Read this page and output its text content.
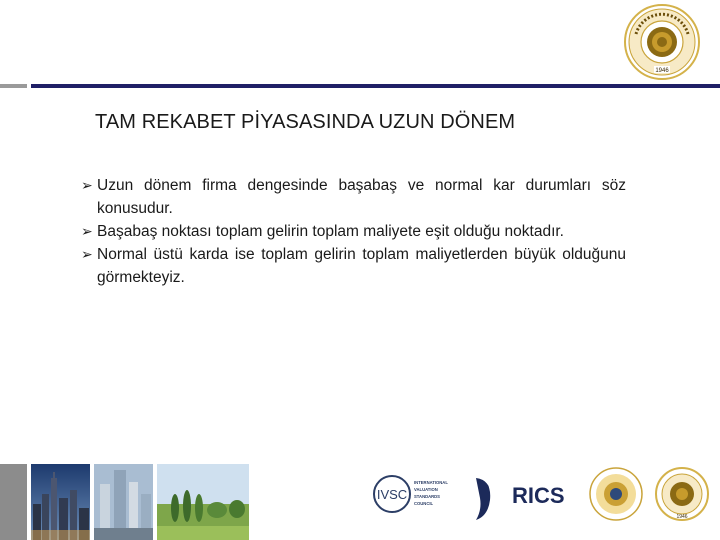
1946
TAM REKABET PİYASASINDA UZUN DÖNEM
➢ Uzun dönem firma dengesinde başabaş ve normal kar durumları söz konusudur.
➢ Başabaş noktası toplam gelirin toplam maliyete eşit olduğu noktadır.
➢ Normal üstü karda ise toplam gelirin toplam maliyetlerden büyük olduğunu görmekteyiz.
IVSC
INTERNATIONAL
VALUATION
STANDARDS
COUNCIL	RICS
1946
